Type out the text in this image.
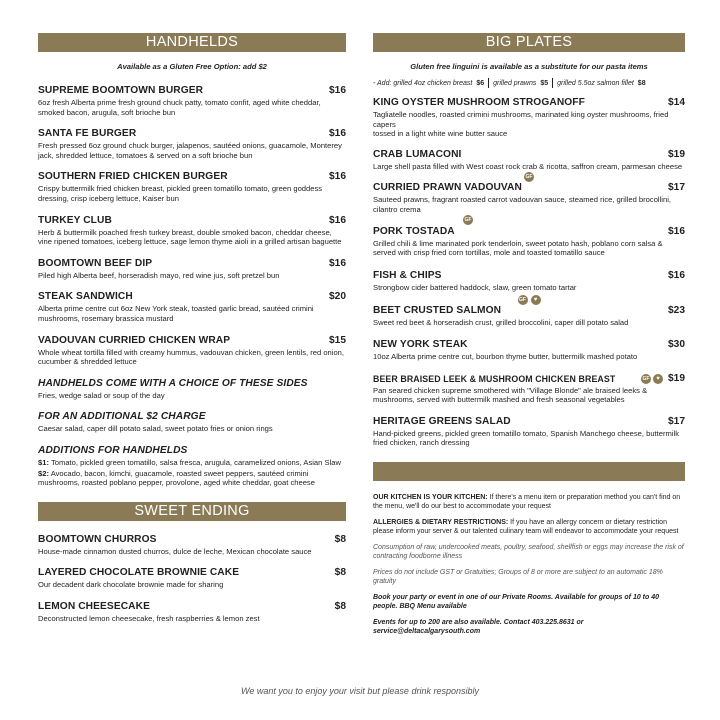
HANDHELDS
Available as a Gluten Free Option: add $2
SUPREME BOOMTOWN BURGER	$16
6oz fresh Alberta prime fresh ground chuck patty, tomato confit, aged white cheddar, smoked bacon, arugula, soft brioche bun
SANTA FE BURGER	$16
Fresh pressed 6oz ground chuck burger, jalapenos, sautéed onions, guacamole, Monterey jack, shredded lettuce, tomatoes & served on a soft brioche bun
SOUTHERN FRIED CHICKEN BURGER	$16
Crispy buttermilk fried chicken breast, pickled green tomatillo tomato, green goddess dressing, crisp iceberg lettuce, Kaiser bun
TURKEY CLUB	$16
Herb & buttermilk poached fresh turkey breast, double smoked bacon, cheddar cheese, vine ripened tomatoes, iceberg lettuce, sage lemon thyme aioli in a grilled artisan baguette
BOOMTOWN BEEF DIP	$16
Piled high Alberta beef, horseradish mayo, red wine jus, soft pretzel bun
STEAK SANDWICH	$20
Alberta prime centre cut 6oz New York steak, toasted garlic bread, sautéed crimini mushrooms, rosemary brassica mustard
VADOUVAN CURRIED CHICKEN WRAP	$15
Whole wheat tortilla filled with creamy hummus, vadouvan chicken, green lentils, red onion, cucumber & shredded lettuce
HANDHELDS COME WITH A CHOICE OF THESE SIDES
Fries, wedge salad or soup of the day
FOR AN ADDITIONAL $2 CHARGE
Caesar salad, caper dill potato salad, sweet potato fries or onion rings
ADDITIONS FOR HANDHELDS
$1: Tomato, pickled green tomatillo, salsa fresca, arugula, caramelized onions, Asian Slaw
$2: Avocado, bacon, kimchi, guacamole, roasted sweet peppers, sautéed crimini mushrooms, roasted poblano pepper, provolone, aged white cheddar, goat cheese
SWEET ENDING
BOOMTOWN CHURROS	$8
House-made cinnamon dusted churros, dulce de leche, Mexican chocolate sauce
LAYERED CHOCOLATE BROWNIE CAKE	$8
Our decadent dark chocolate brownie made for sharing
LEMON CHEESECAKE	$8
Deconstructed lemon cheesecake, fresh raspberries & lemon zest
BIG PLATES
Gluten free linguini is available as a substitute for our pasta items
- Add: grilled 4oz chicken breast $6 grilled prawns $5 grilled 5.5oz salmon fillet $8
KING OYSTER MUSHROOM STROGANOFF	$14
Tagliatelle noodles, roasted crimini mushrooms, marinated king oyster mushrooms, fried capers
tossed in a light white wine butter sauce
CRAB LUMACONI	$19
Large shell pasta filled with West coast rock crab & ricotta, saffron cream, parmesan cheese
GF
CURRIED PRAWN VADOUVAN	$17
Sauteed prawns, fragrant roasted carrot vadouvan sauce, steamed rice, grilled brocollini, cilantro crema
GF
PORK TOSTADA	$16
Grilled chili & lime marinated pork tenderloin, sweet potato hash, poblano corn salsa & served with crisp fried corn tortillas, mole and toasted tomatillo sauce
FISH & CHIPS	$16
Strongbow cider battered haddock, slaw, green tomato tartar
GF	♥
BEET CRUSTED SALMON	$23
Sweet red beet & horseradish crust, grilled broccolini, caper dill potato salad
NEW YORK STEAK	$30
10oz Alberta prime centre cut, bourbon thyme butter, buttermilk mashed potato
BEER BRAISED LEEK & MUSHROOM CHICKEN BREAST	$19
GF	♥
Pan seared chicken supreme smothered with "Village Blonde" ale braised leeks & mushrooms, served with buttermilk mashed and fresh seasonal vegetables
HERITAGE GREENS SALAD	$17
Hand-picked greens, pickled green tomatillo tomato, Spanish Manchego cheese, buttermilk fried chicken, ranch dressing

OUR KITCHEN IS YOUR KITCHEN: If there's a menu item or preparation method you can't find on the menu, we'll do our best to accommodate your request

ALLERGIES & DIETARY RESTRICTIONS: If you have an allergy concern or dietary restriction please inform your server & our talented culinary team will endeavor to accommodate your request

Consumption of raw, undercooked meats, poultry, seafood, shellfish or eggs may increase the risk of contracting foodborne illness

Prices do not include GST or Gratuities; Groups of 8 or more are subject to an automatic 18% gratuity

Book your party or event in one of our Private Rooms. Available for groups of 10 to 40 people. BBQ Menu available

Events for up to 200 are also available. Contact 403.225.8631 or service@deltacalgarysouth.com

We want you to enjoy your visit but please drink responsibly
